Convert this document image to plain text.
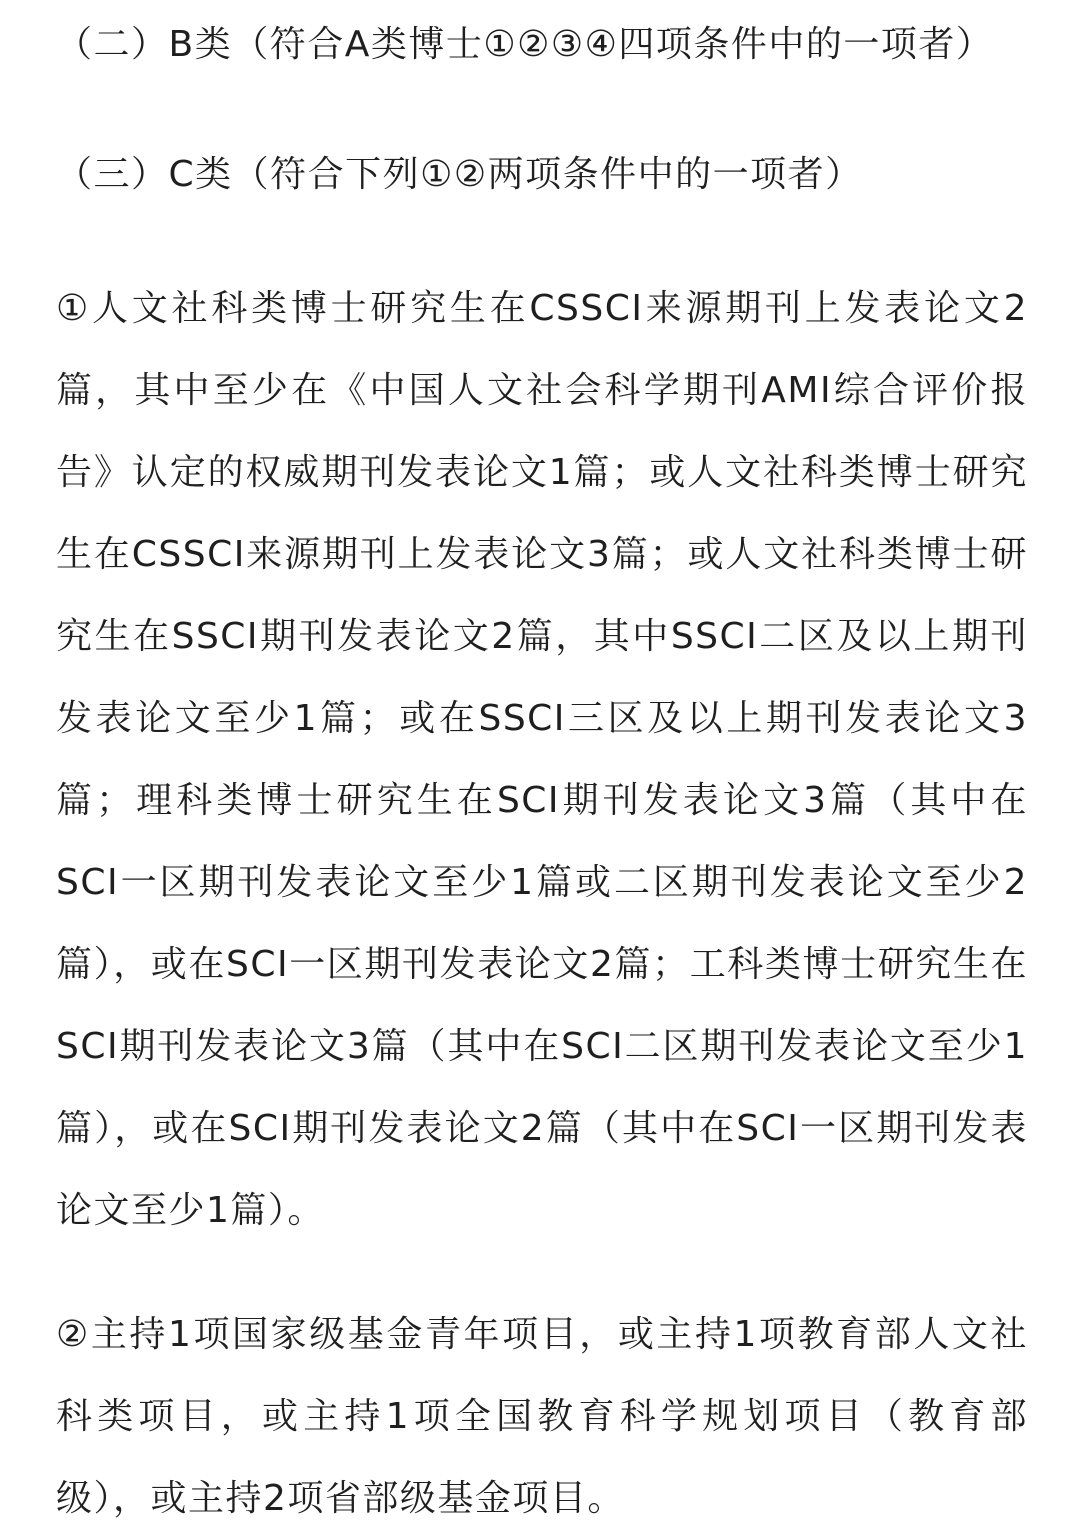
（二）B类（符合A类博士①②③④四项条件中的一项者）

（三）C类（符合下列①②两项条件中的一项者）

①人文社科类博士研究生在CSSCI来源期刊上发表论文2篇，其中至少在《中国人文社会科学期刊AMI综合评价报告》认定的权威期刊发表论文1篇；或人文社科类博士研究生在CSSCI来源期刊上发表论文3篇；或人文社科类博士研究生在SSCI期刊发表论文2篇，其中SSCI二区及以上期刊发表论文至少1篇；或在SSCI三区及以上期刊发表论文3篇；理科类博士研究生在SCI期刊发表论文3篇（其中在SCI一区期刊发表论文至少1篇或二区期刊发表论文至少2篇），或在SCI一区期刊发表论文2篇；工科类博士研究生在SCI期刊发表论文3篇（其中在SCI二区期刊发表论文至少1篇），或在SCI期刊发表论文2篇（其中在SCI一区期刊发表论文至少1篇）。

②主持1项国家级基金青年项目，或主持1项教育部人文社科类项目，或主持1项全国教育科学规划项目（教育部级），或主持2项省部级基金项目。
